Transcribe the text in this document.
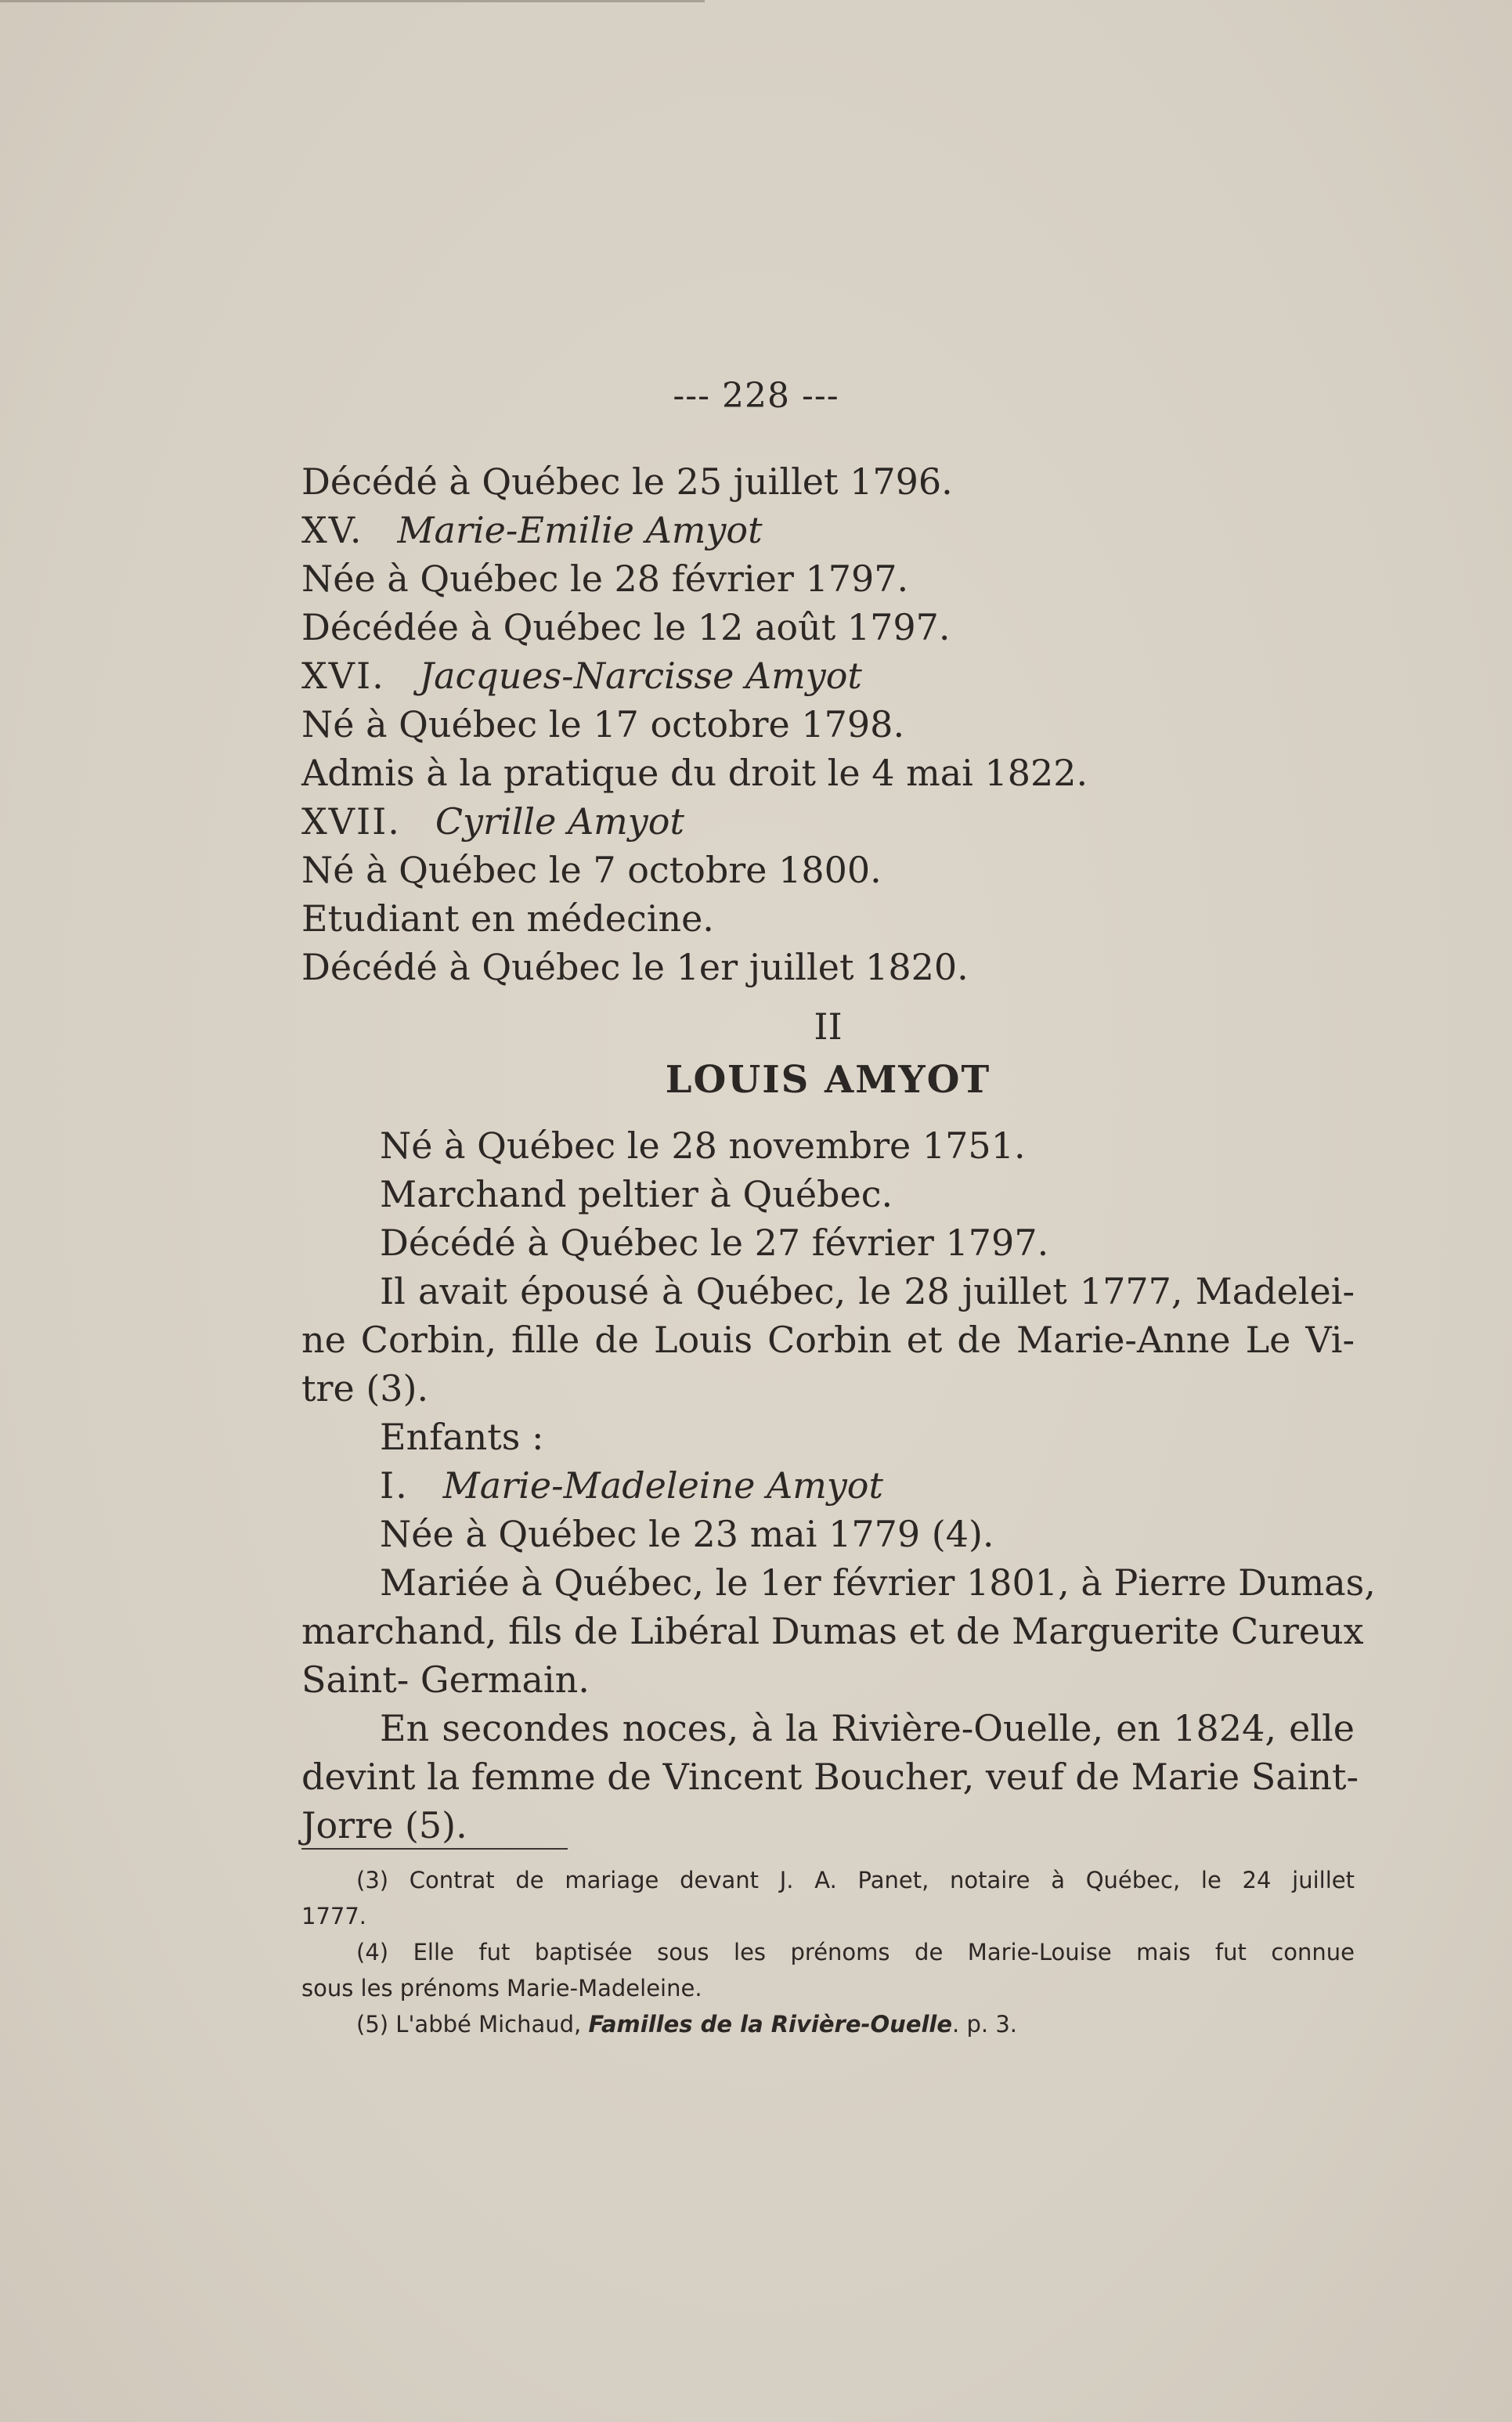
--- 228 ---
Décédé à Québec le 25 juillet 1796.
XV. Marie-Emilie Amyot
Née à Québec le 28 février 1797.
Décédée à Québec le 12 août 1797.
XVI. Jacques-Narcisse Amyot
Né à Québec le 17 octobre 1798.
Admis à la pratique du droit le 4 mai 1822.
XVII. Cyrille Amyot
Né à Québec le 7 octobre 1800.
Etudiant en médecine.
Décédé à Québec le 1er juillet 1820.
II
LOUIS AMYOT
Né à Québec le 28 novembre 1751.
Marchand peltier à Québec.
Décédé à Québec le 27 février 1797.
Il avait épousé à Québec, le 28 juillet 1777, Madelei-
ne Corbin, fille de Louis Corbin et de Marie-Anne Le Vi-
tre (3).
Enfants :
I. Marie-Madeleine Amyot
Née à Québec le 23 mai 1779 (4).
Mariée à Québec, le 1er février 1801, à Pierre Dumas,
marchand, fils de Libéral Dumas et de Marguerite Cureux
Saint- Germain.
En secondes noces, à la Rivière-Ouelle, en 1824, elle
devint la femme de Vincent Boucher, veuf de Marie Saint-
Jorre (5).
(3) Contrat de mariage devant J. A. Panet, notaire à Québec, le 24 juillet
1777.
(4) Elle fut baptisée sous les prénoms de Marie-Louise mais fut connue
sous les prénoms Marie-Madeleine.
(5) L'abbé Michaud, Familles de la Rivière-Ouelle. p. 3.
